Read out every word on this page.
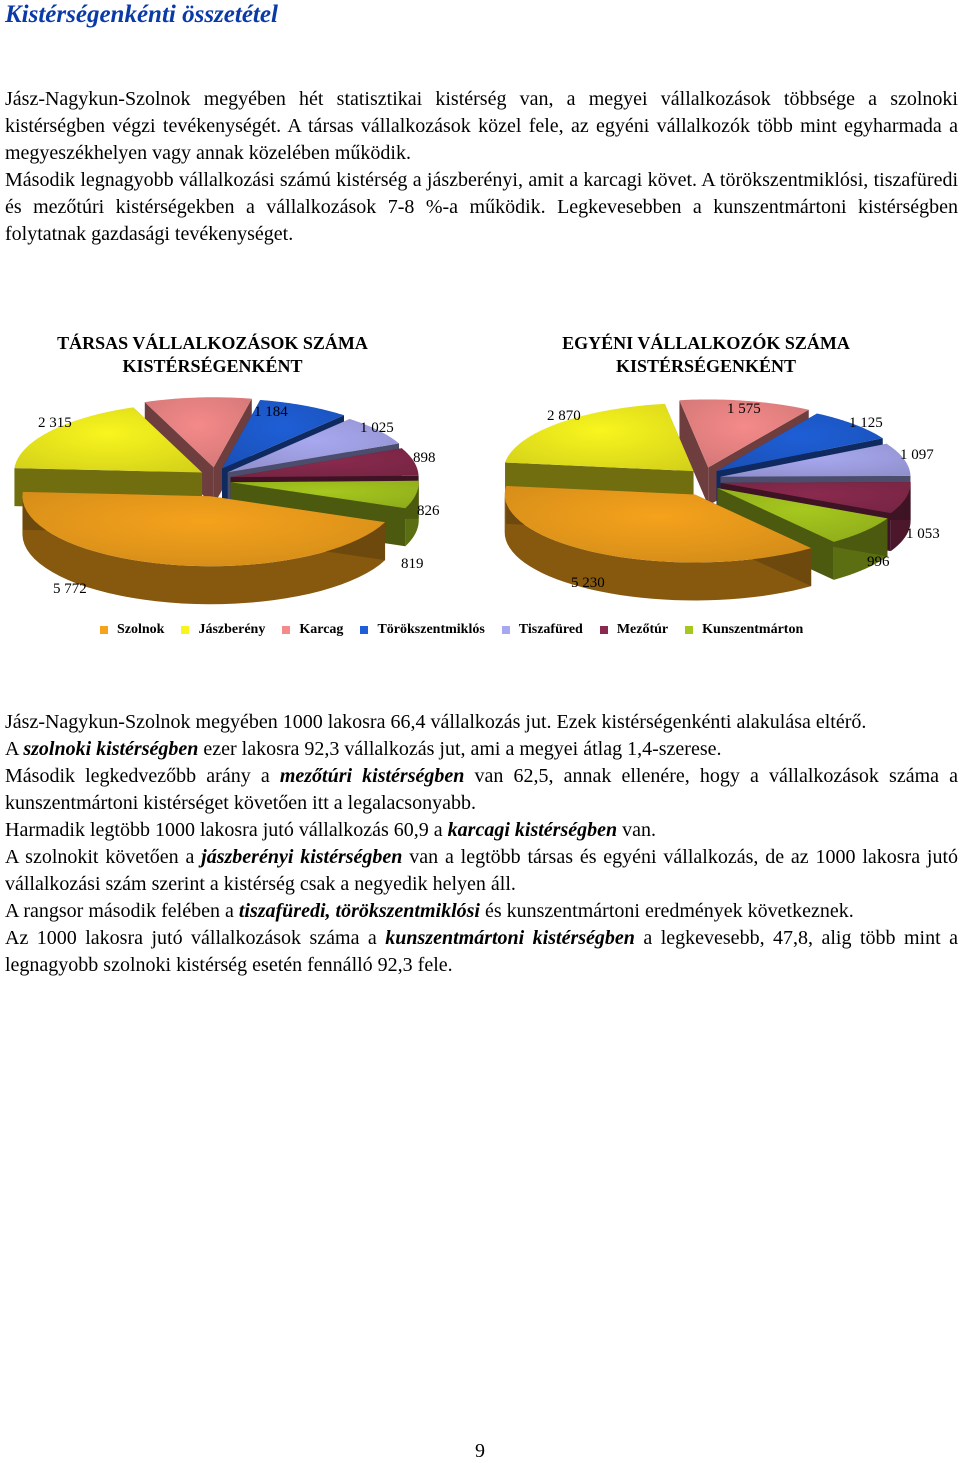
Kistérségenkénti összetétel

Jász-Nagykun-Szolnok megyében hét statisztikai kistérség van, a megyei vállalkozások többsége a szolnoki kistérségben végzi tevékenységét. A társas vállalkozások közel fele, az egyéni vállalkozók több mint egyharmada a megyeszékhelyen vagy annak közelében működik.

Második legnagyobb vállalkozási számú kistérség a jászberényi, amit a karcagi követ. A törökszentmiklósi, tiszafüredi és mezőtúri kistérségekben a vállalkozások 7-8 %-a működik. Legkevesebben a kunszentmártoni kistérségben folytatnak gazdasági tevékenységet.

TÁRSAS VÁLLALKOZÁSOK SZÁMA KISTÉRSÉGENKÉNT
EGYÉNI VÁLLALKOZÓK SZÁMA KISTÉRSÉGENKÉNT
2 315
1 184
1 025
898
826
819
5 772
2 870	1 575
1 125
1 097
1 053
996
5 230
Szolnok Jászberény Karcag Törökszentmiklós Tiszafüred Mezőtúr Kunszentmárton

Jász-Nagykun-Szolnok megyében 1000 lakosra 66,4 vállalkozás jut. Ezek kistérségenkénti alakulása eltérő.

A szolnoki kistérségben ezer lakosra 92,3 vállalkozás jut, ami a megyei átlag 1,4-szerese.

Második legkedvezőbb arány a mezőtúri kistérségben van 62,5, annak ellenére, hogy a vállalkozások száma a kunszentmártoni kistérséget követően itt a legalacsonyabb.

Harmadik legtöbb 1000 lakosra jutó vállalkozás 60,9 a karcagi kistérségben van.

A szolnokit követően a jászberényi kistérségben van a legtöbb társas és egyéni vállalkozás, de az 1000 lakosra jutó vállalkozási szám szerint a kistérség csak a negyedik helyen áll.

A rangsor második felében a tiszafüredi, törökszentmiklósi és kunszentmártoni eredmények következnek.

Az 1000 lakosra jutó vállalkozások száma a kunszentmártoni kistérségben a legkevesebb, 47,8, alig több mint a legnagyobb szolnoki kistérség esetén fennálló 92,3 fele.

9
